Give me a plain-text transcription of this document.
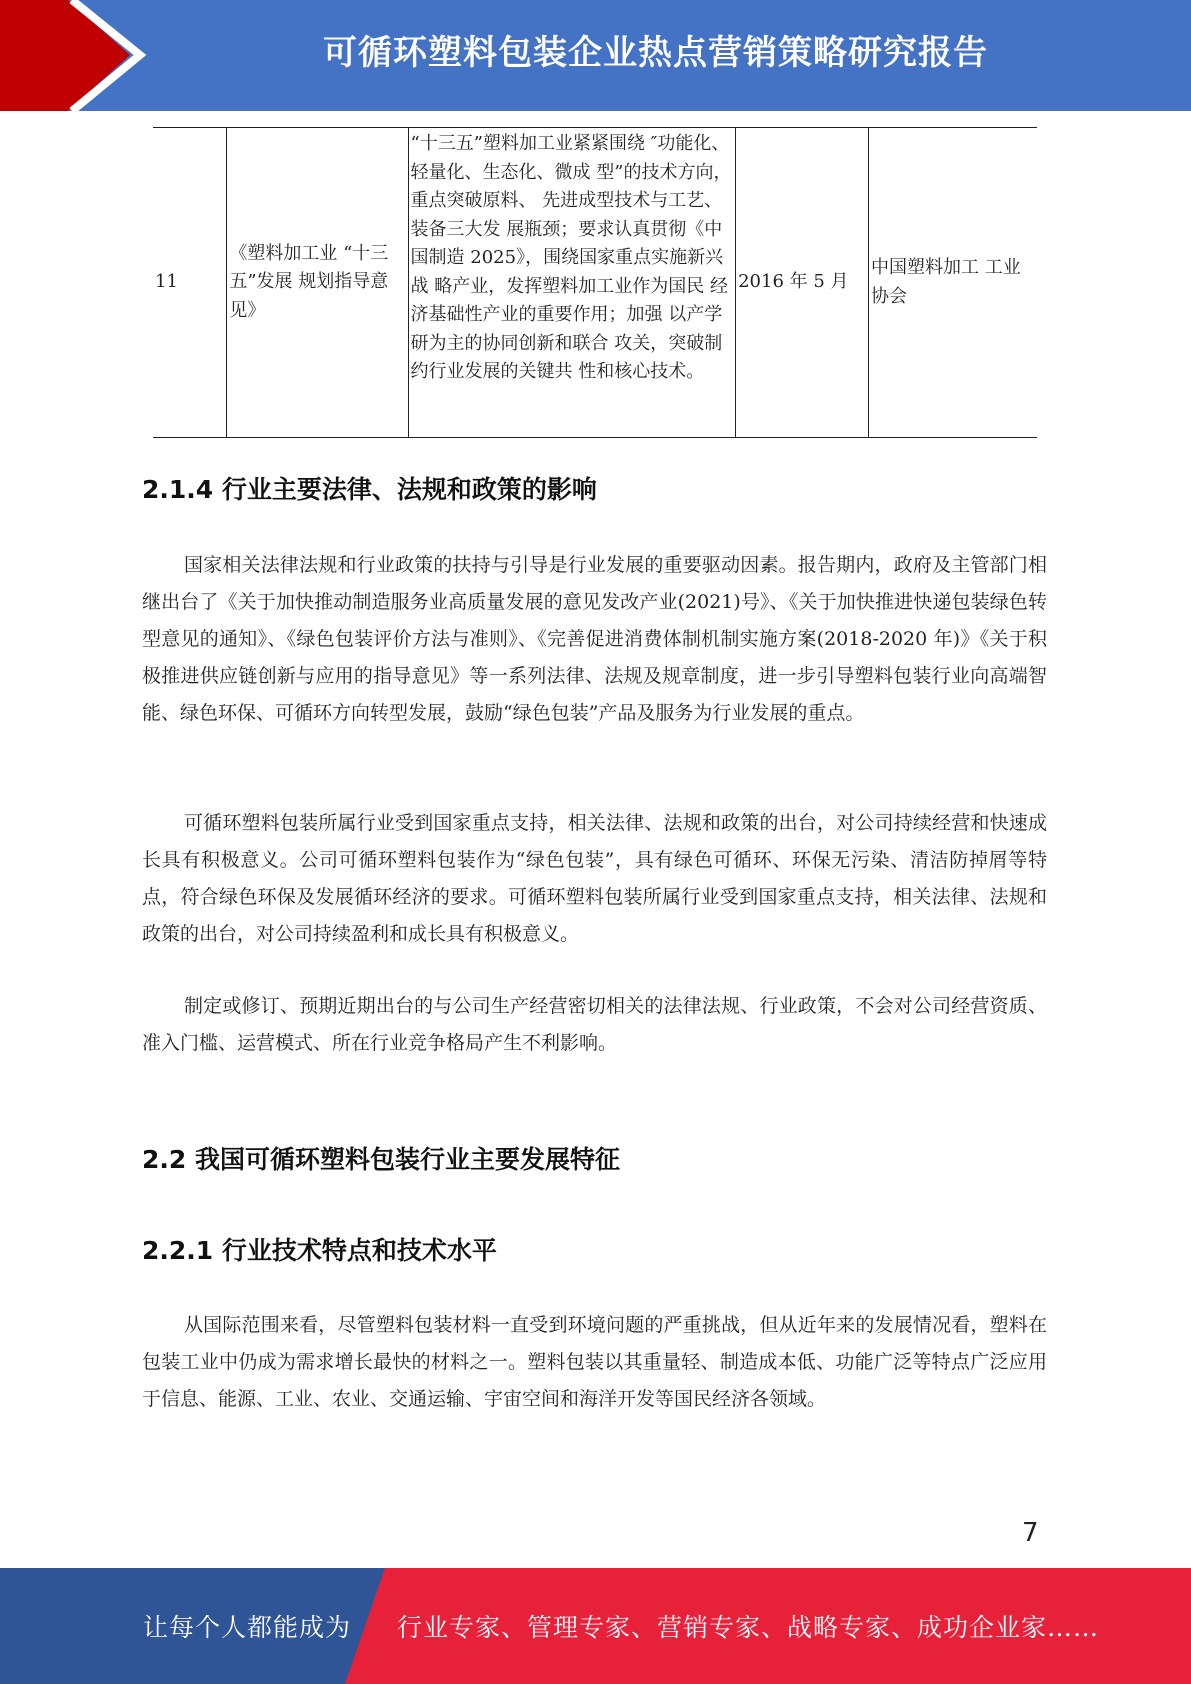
可循环塑料包装企业热点营销策略研究报告
11	《塑料加工业 “十三五”发展 规划指导意见》	“十三五”塑料加工业紧紧围绕 ″功能化、轻量化、生态化、微成 型”的技术方向，重点突破原料、 先进成型技术与工艺、装备三大发 展瓶颈；要求认真贯彻《中国制造 2025》，围绕国家重点实施新兴战 略产业，发挥塑料加工业作为国民 经济基础性产业的重要作用；加强 以产学研为主的协同创新和联合 攻关，突破制约行业发展的关键共 性和核心技术。	2016 年 5 月	中国塑料加工 工业协会
2.1.4 行业主要法律、法规和政策的影响

国家相关法律法规和行业政策的扶持与引导是行业发展的重要驱动因素。报告期内，政府及主管部门相继出台了《关于加快推动制造服务业高质量发展的意见发改产业(2021)号》、《关于加快推进快递包装绿色转型意见的通知》、《绿色包装评价方法与准则》、《完善促进消费体制机制实施方案(2018-2020 年)》《关于积极推进供应链创新与应用的指导意见》等一系列法律、法规及规章制度，进一步引导塑料包装行业向高端智能、绿色环保、可循环方向转型发展，鼓励“绿色包装”产品及服务为行业发展的重点。

可循环塑料包装所属行业受到国家重点支持，相关法律、法规和政策的出台，对公司持续经营和快速成长具有积极意义。公司可循环塑料包装作为“绿色包装”，具有绿色可循环、环保无污染、清洁防掉屑等特点，符合绿色环保及发展循环经济的要求。可循环塑料包装所属行业受到国家重点支持，相关法律、法规和政策的出台，对公司持续盈利和成长具有积极意义。

制定或修订、预期近期出台的与公司生产经营密切相关的法律法规、行业政策，不会对公司经营资质、准入门槛、运营模式、所在行业竞争格局产生不利影响。

2.2 我国可循环塑料包装行业主要发展特征
2.2.1 行业技术特点和技术水平

从国际范围来看，尽管塑料包装材料一直受到环境问题的严重挑战，但从近年来的发展情况看，塑料在包装工业中仍成为需求增长最快的材料之一。塑料包装以其重量轻、制造成本低、功能广泛等特点广泛应用于信息、能源、工业、农业、交通运输、宇宙空间和海洋开发等国民经济各领域。

7
让每个人都能成为 行业专家、管理专家、营销专家、战略专家、成功企业家……
